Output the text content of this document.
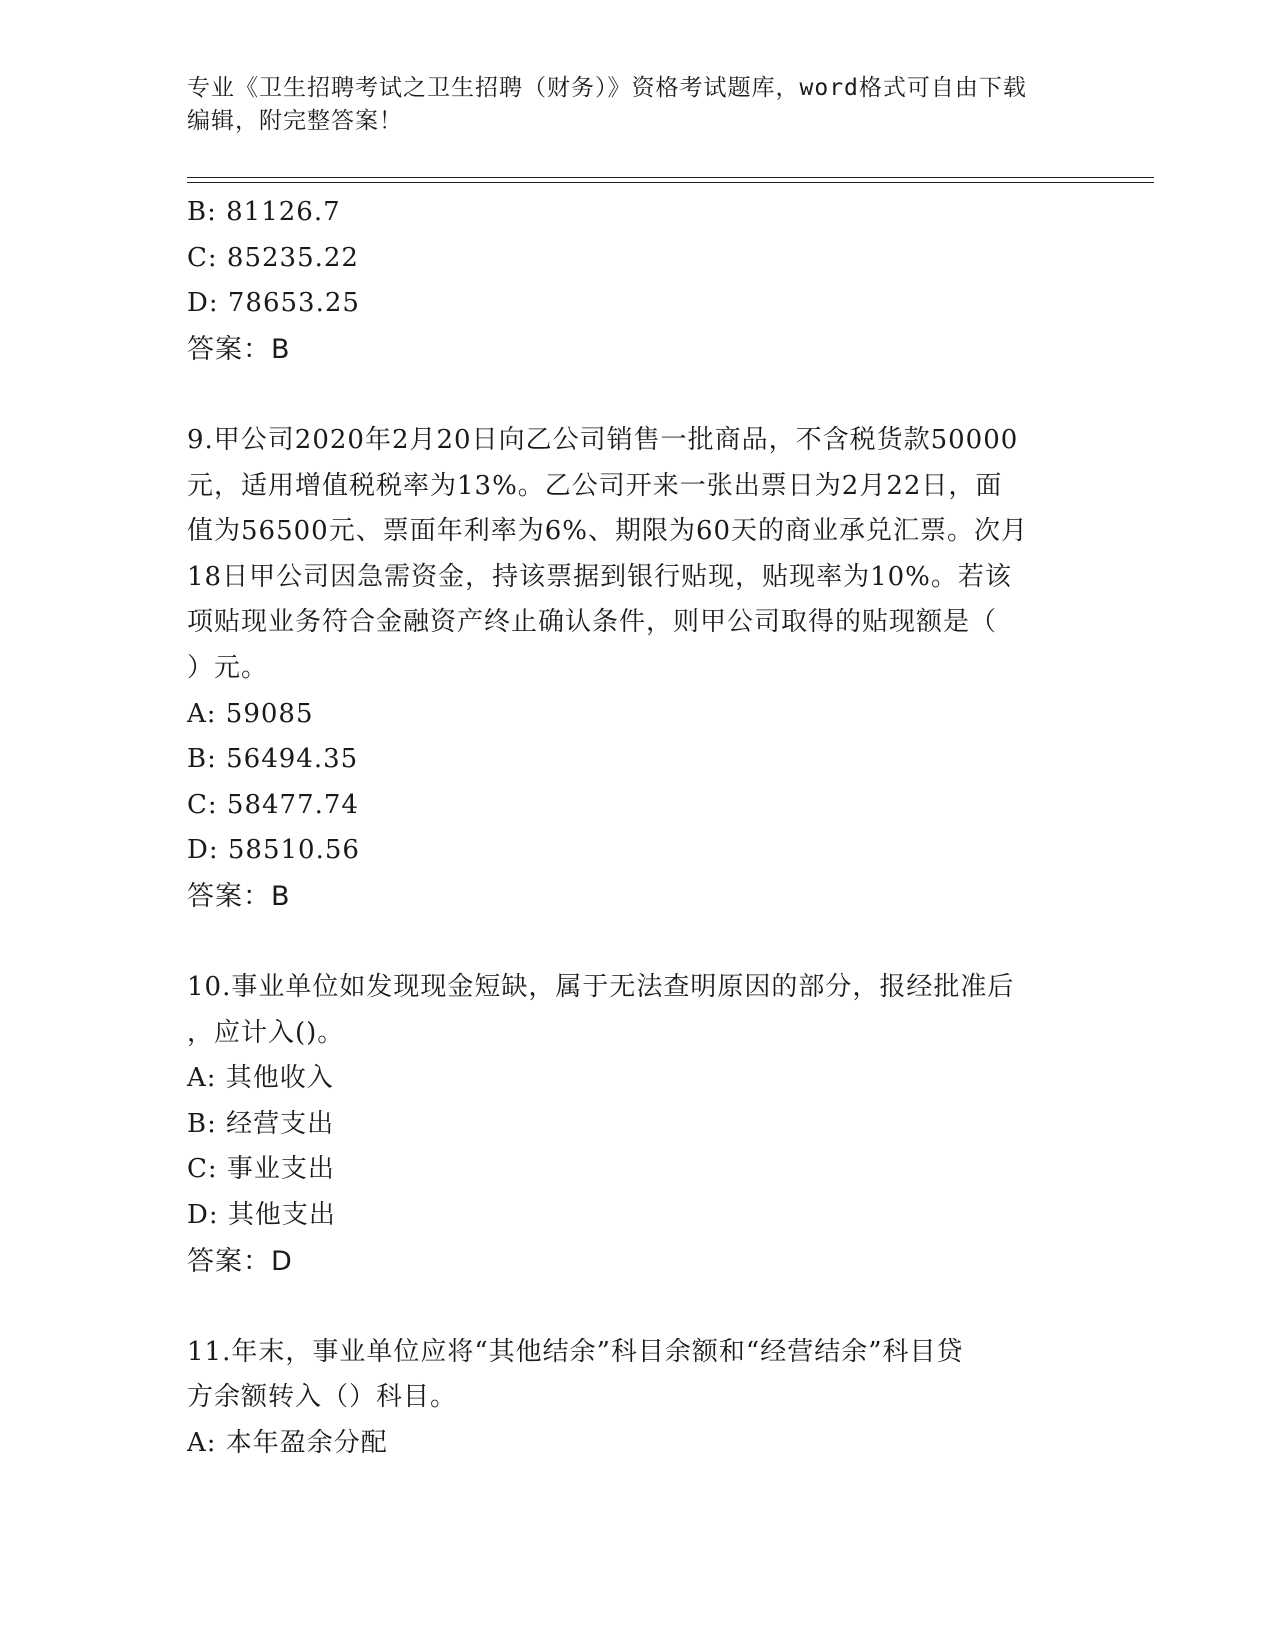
专业《卫生招聘考试之卫生招聘（财务）》资格考试题库，word格式可自由下载
编辑，附完整答案！
B: 81126.7
C: 85235.22
D: 78653.25
答案：B
9.甲公司2020年2月20日向乙公司销售一批商品，不含税货款50000
元，适用增值税税率为13%。乙公司开来一张出票日为2月22日，面
值为56500元、票面年利率为6%、期限为60天的商业承兑汇票。次月
18日甲公司因急需资金，持该票据到银行贴现，贴现率为10%。若该
项贴现业务符合金融资产终止确认条件，则甲公司取得的贴现额是（
）元。
A: 59085
B: 56494.35
C: 58477.74
D: 58510.56
答案：B
10.事业单位如发现现金短缺，属于无法查明原因的部分，报经批准后
，应计入()。
A: 其他收入
B: 经营支出
C: 事业支出
D: 其他支出
答案：D
11.年末，事业单位应将“其他结余”科目余额和“经营结余”科目贷
方余额转入（）科目。
A: 本年盈余分配
